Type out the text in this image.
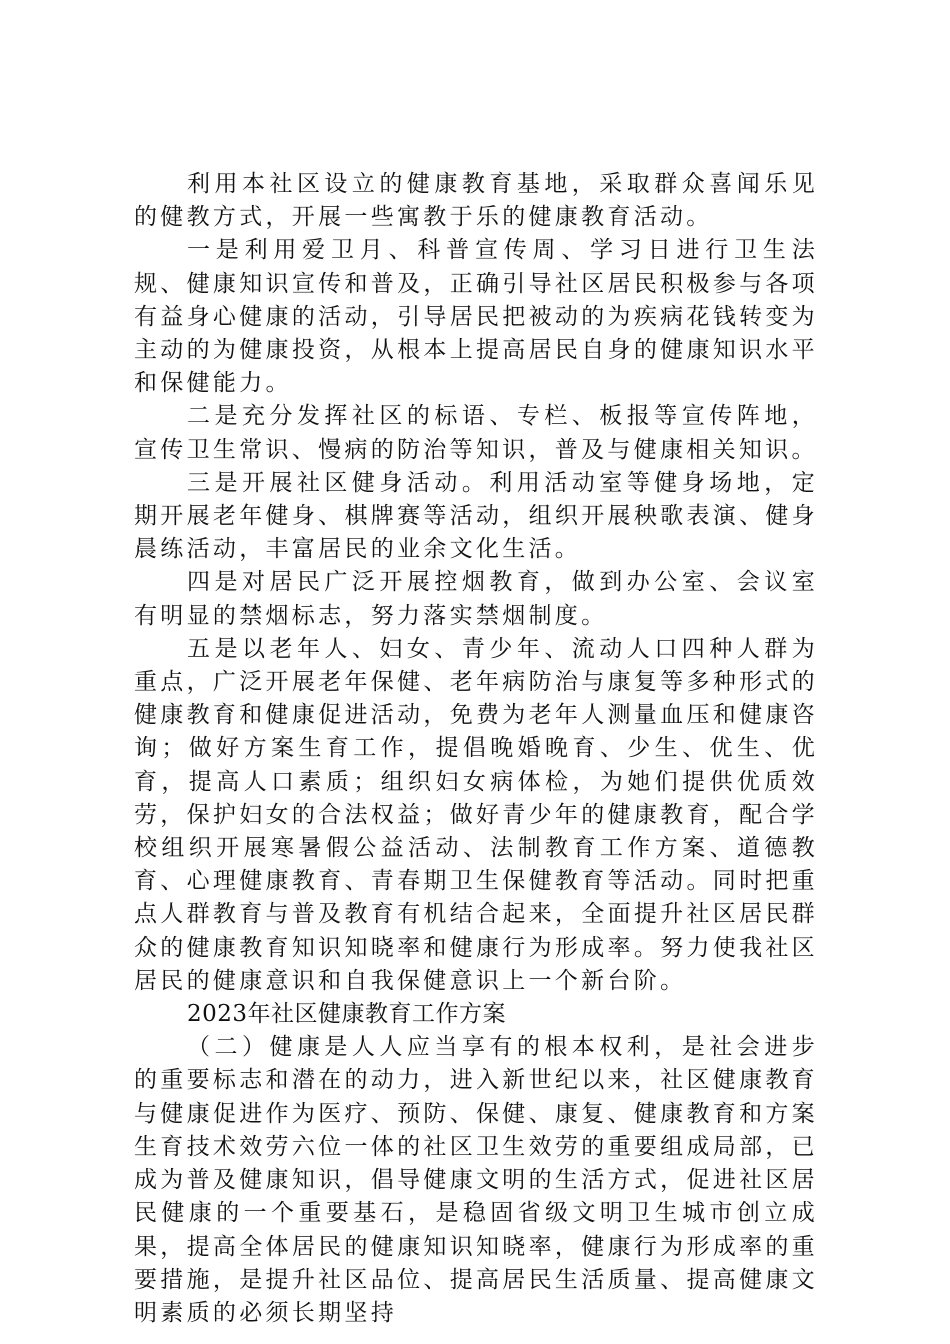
利用本社区设立的健康教育基地，采取群众喜闻乐见的健教方式，开展一些寓教于乐的健康教育活动。

一是利用爱卫月、科普宣传周、学习日进行卫生法规、健康知识宣传和普及，正确引导社区居民积极参与各项有益身心健康的活动，引导居民把被动的为疾病花钱转变为主动的为健康投资，从根本上提高居民自身的健康知识水平和保健能力。

二是充分发挥社区的标语、专栏、板报等宣传阵地，宣传卫生常识、慢病的防治等知识，普及与健康相关知识。

三是开展社区健身活动。利用活动室等健身场地，定期开展老年健身、棋牌赛等活动，组织开展秧歌表演、健身晨练活动，丰富居民的业余文化生活。

四是对居民广泛开展控烟教育，做到办公室、会议室有明显的禁烟标志，努力落实禁烟制度。

五是以老年人、妇女、青少年、流动人口四种人群为重点，广泛开展老年保健、老年病防治与康复等多种形式的健康教育和健康促进活动，免费为老年人测量血压和健康咨询；做好方案生育工作，提倡晚婚晚育、少生、优生、优育，提高人口素质；组织妇女病体检，为她们提供优质效劳，保护妇女的合法权益；做好青少年的健康教育，配合学校组织开展寒暑假公益活动、法制教育工作方案、道德教育、心理健康教育、青春期卫生保健教育等活动。同时把重点人群教育与普及教育有机结合起来，全面提升社区居民群众的健康教育知识知晓率和健康行为形成率。努力使我社区居民的健康意识和自我保健意识上一个新台阶。

2023年社区健康教育工作方案

（二）健康是人人应当享有的根本权利，是社会进步的重要标志和潜在的动力，进入新世纪以来，社区健康教育与健康促进作为医疗、预防、保健、康复、健康教育和方案生育技术效劳六位一体的社区卫生效劳的重要组成局部，已成为普及健康知识，倡导健康文明的生活方式，促进社区居民健康的一个重要基石，是稳固省级文明卫生城市创立成果，提高全体居民的健康知识知晓率，健康行为形成率的重要措施，是提升社区品位、提高居民生活质量、提高健康文明素质的必须长期坚持
